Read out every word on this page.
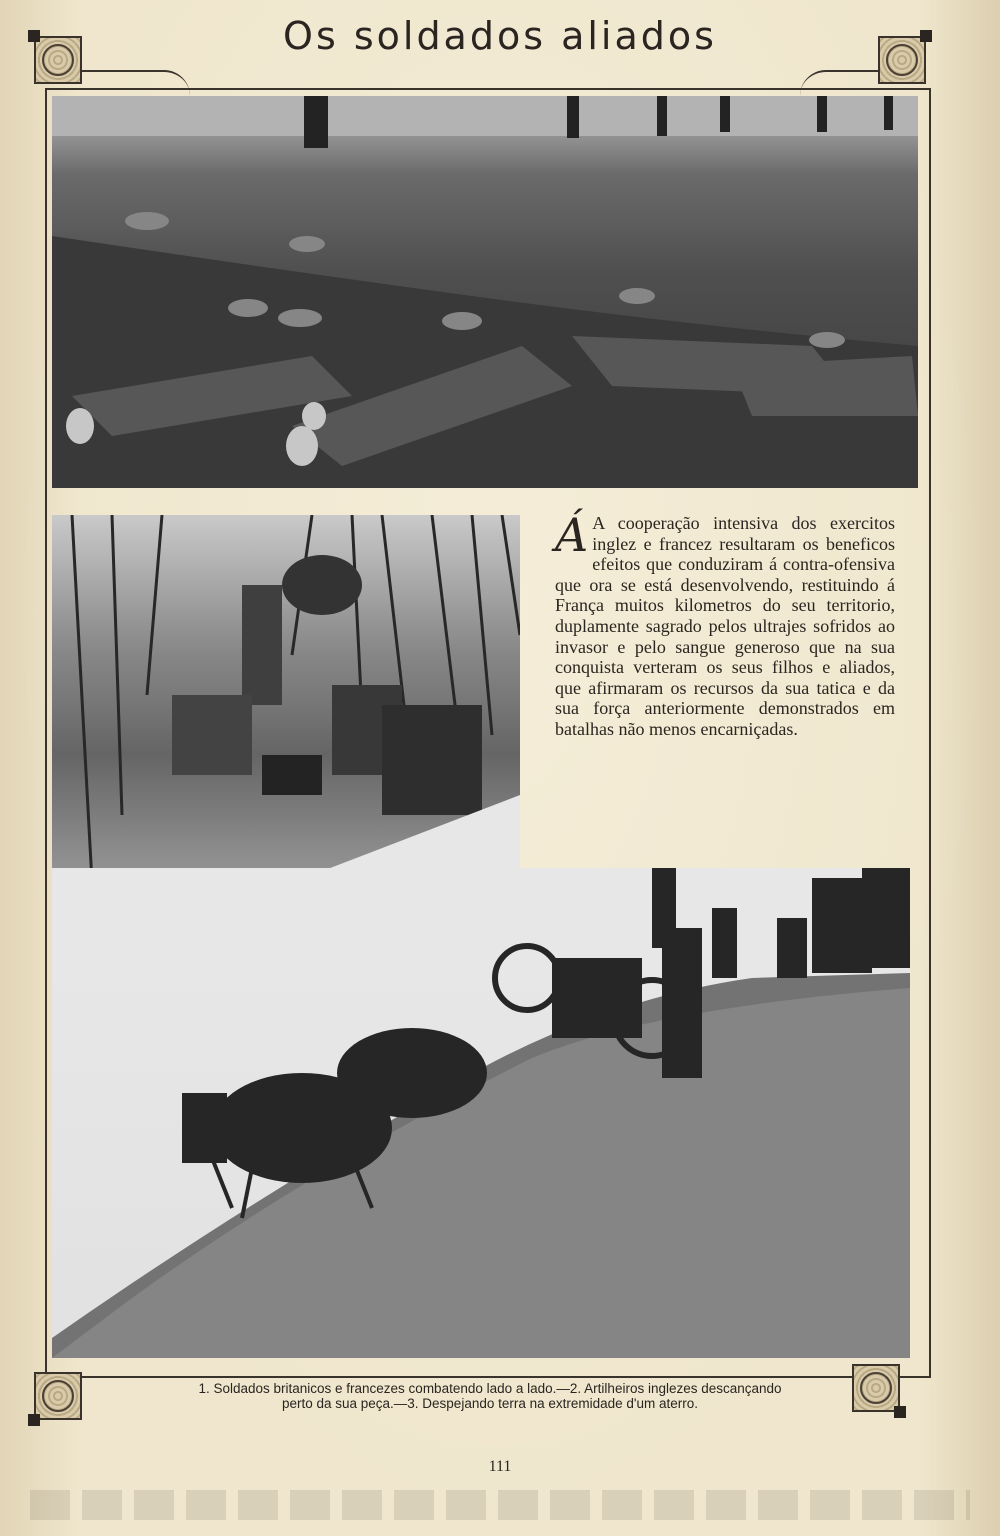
Os soldados aliados

Á A cooperação intensiva dos exercitos inglez e francez resultaram os beneficos efeitos que conduziram á contra-ofensiva que ora se está desenvolvendo, restituindo á França muitos kilometros do seu territorio, duplamente sagrado pelos ultrajes sofridos ao invasor e pelo sangue generoso que na sua conquista verteram os seus filhos e aliados, que afirmaram os recursos da sua tatica e da sua força anteriormente demonstrados em batalhas não menos encarniçadas.

1. Soldados britanicos e francezes combatendo lado a lado.—2. Artilheiros inglezes descançando
perto da sua peça.—3. Despejando terra na extremidade d'um aterro.
111
